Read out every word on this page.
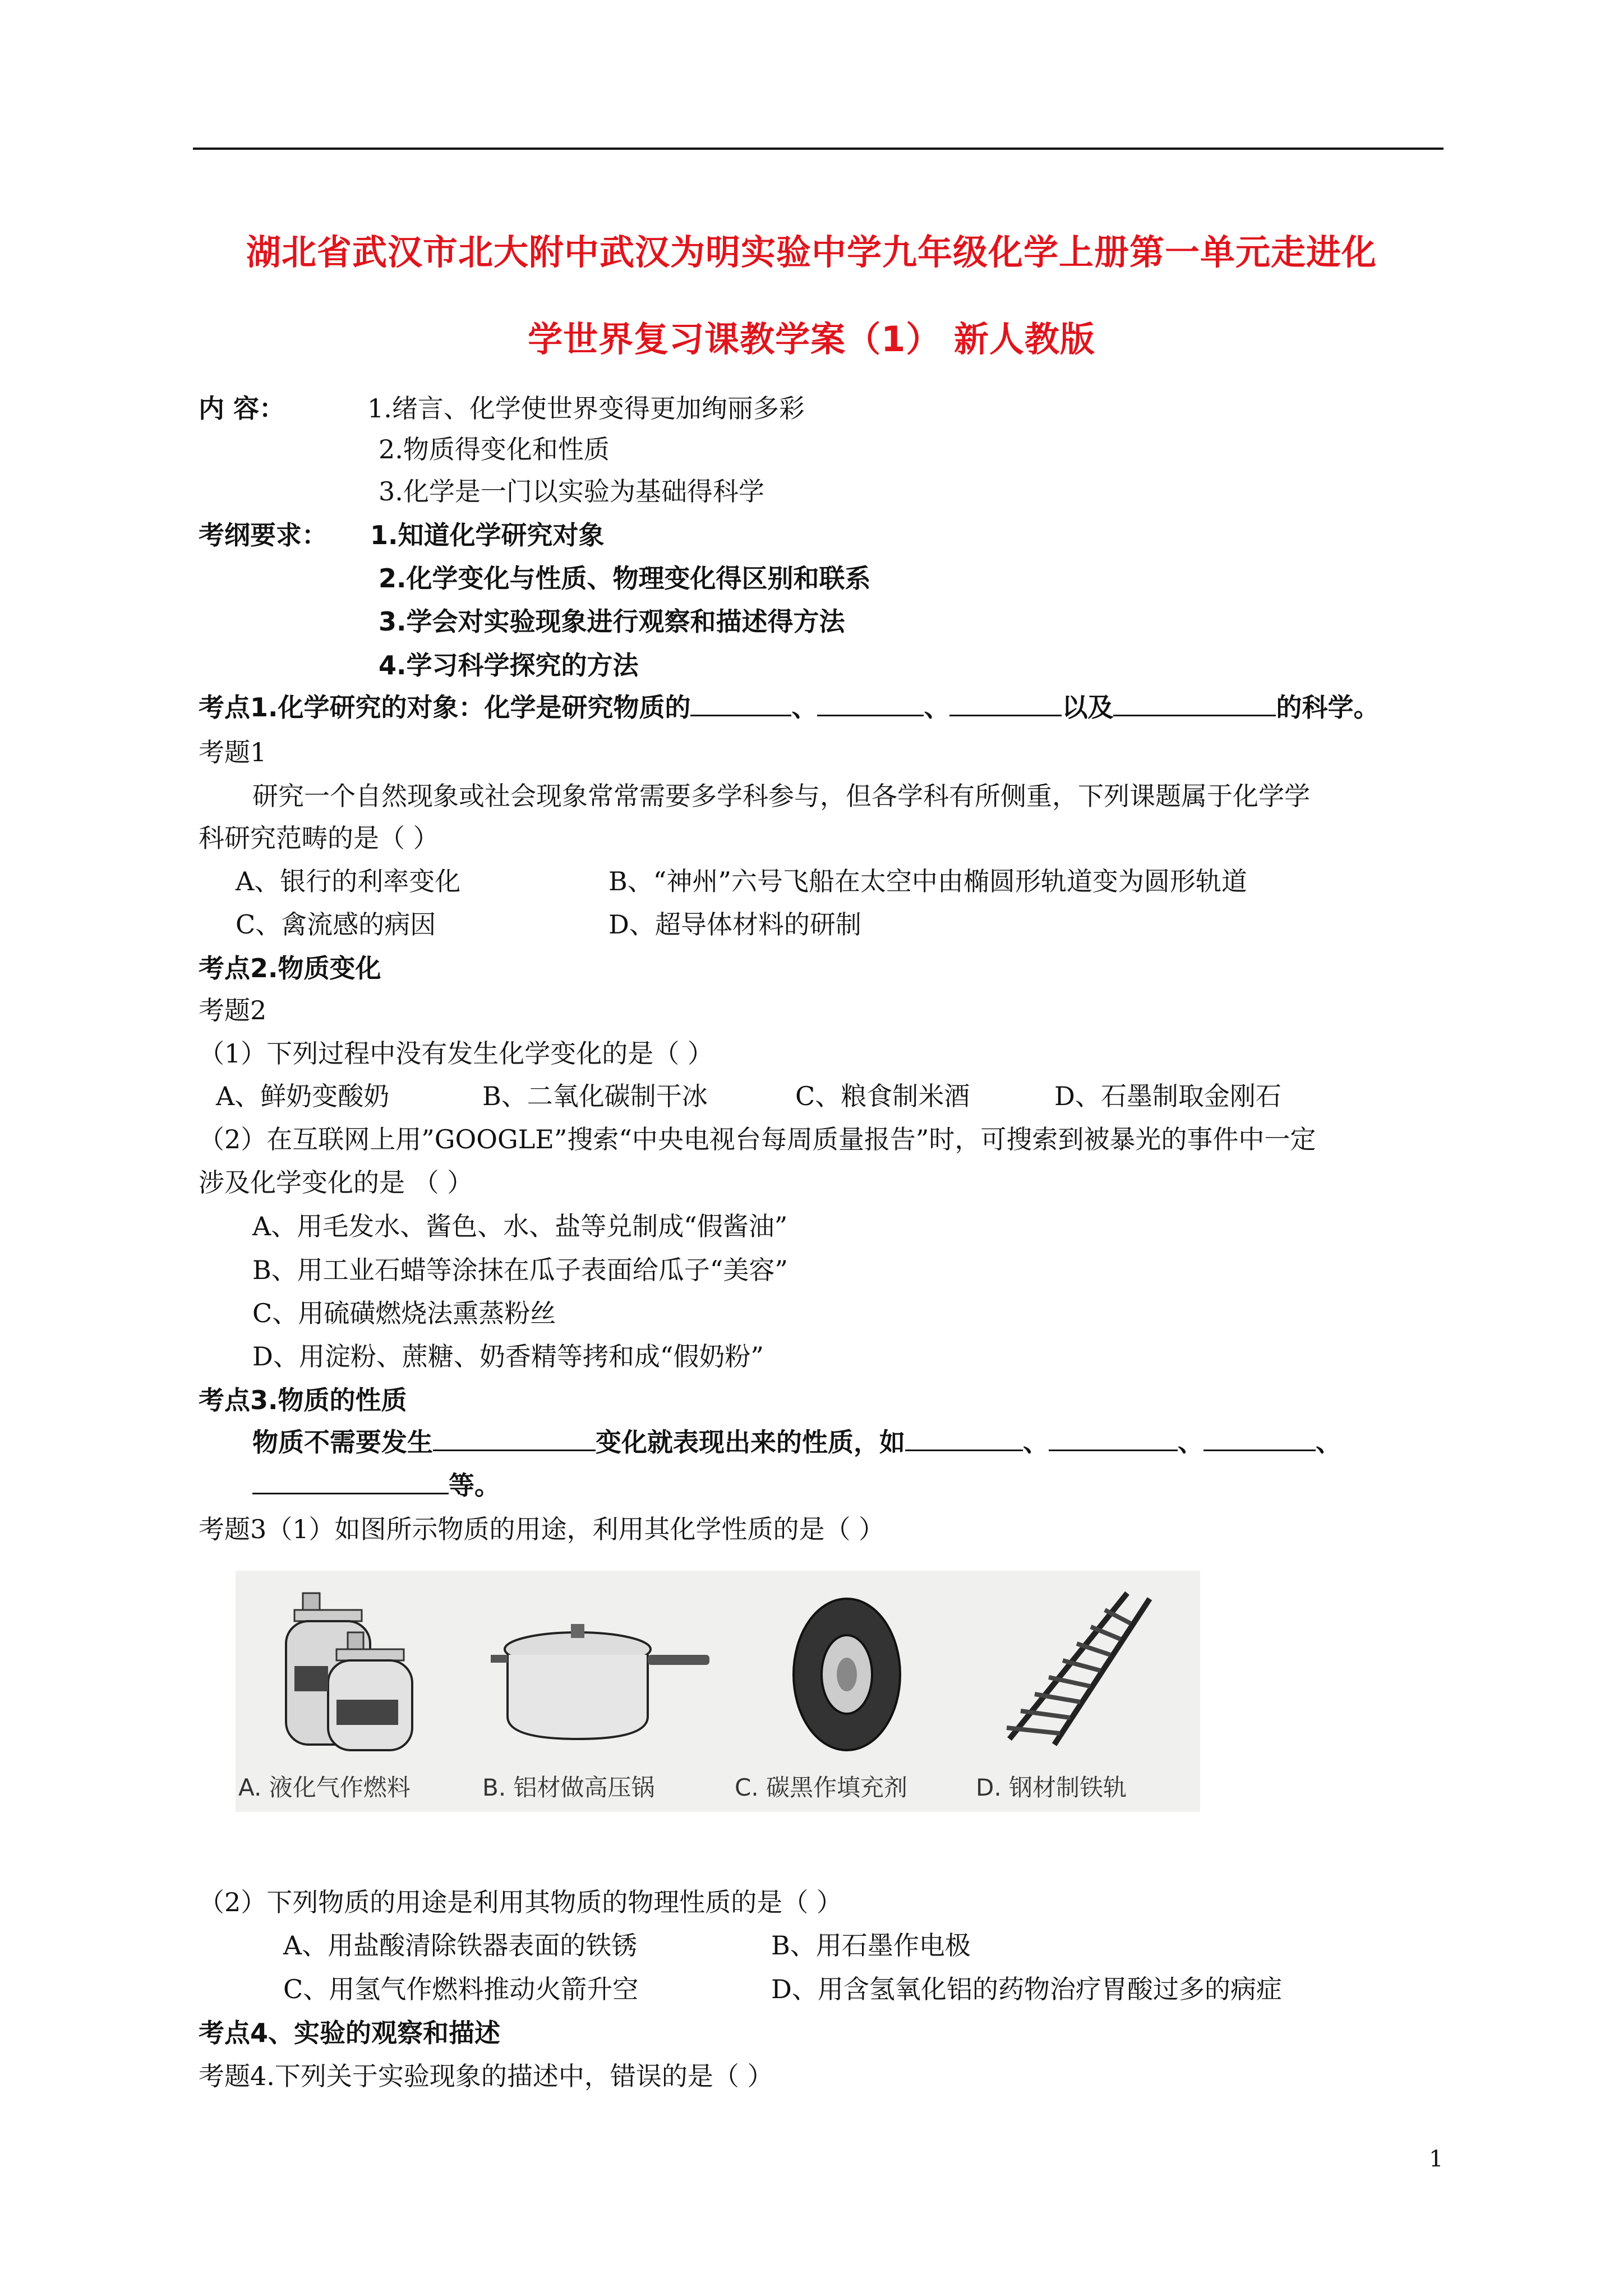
湖北省武汉市北大附中武汉为明实验中学九年级化学上册第一单元走进化
学世界复习课教学案（1） 新人教版
内 容：	1.绪言、化学使世界变得更加绚丽多彩
2.物质得变化和性质
3.化学是一门以实验为基础得科学
考纲要求： 1.知道化学研究对象
2.化学变化与性质、物理变化得区别和联系
3.学会对实验现象进行观察和描述得方法
4.学习科学探究的方法
考点1.化学研究的对象：化学是研究物质的	、	、	以及	的科学。
考题1
研究一个自然现象或社会现象常常需要多学科参与，但各学科有所侧重，下列课题属于化学学
科研究范畴的是（ ）
A、银行的利率变化	B、“神州”六号飞船在太空中由椭圆形轨道变为圆形轨道
C、禽流感的病因	D、超导体材料的研制
考点2.物质变化
考题2
（1）下列过程中没有发生化学变化的是（ ）
A、鲜奶变酸奶	B、二氧化碳制干冰	C、粮食制米酒	D、石墨制取金刚石
（2）在互联网上用”GOOGLE”搜索“中央电视台每周质量报告”时，可搜索到被暴光的事件中一定
涉及化学变化的是 （ ）
A、用毛发水、酱色、水、盐等兑制成“假酱油”
B、用工业石蜡等涂抹在瓜子表面给瓜子“美容”
C、用硫磺燃烧法熏蒸粉丝
D、用淀粉、蔗糖、奶香精等拷和成“假奶粉”
考点3.物质的性质
物质不需要发生	变化就表现出来的性质，如	、	、	、
等。
考题3（1）如图所示物质的用途，利用其化学性质的是（ ）
A. 液化气作燃料	B. 铝材做高压锅	C. 碳黑作填充剂	D. 钢材制铁轨
（2）下列物质的用途是利用其物质的物理性质的是（ ）
A、用盐酸清除铁器表面的铁锈	B、用石墨作电极
C、用氢气作燃料推动火箭升空	D、用含氢氧化铝的药物治疗胃酸过多的病症
考点4、实验的观察和描述
考题4.下列关于实验现象的描述中，错误的是（ ）
1
